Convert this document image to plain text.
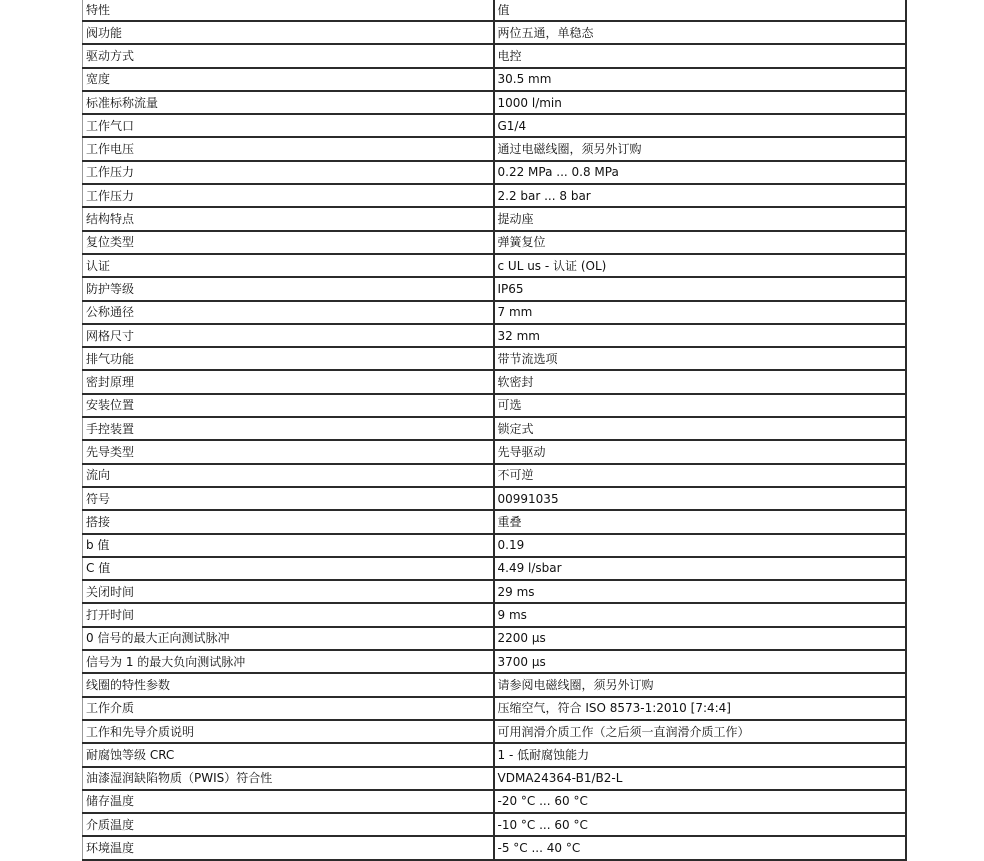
特性	值
阀功能	两位五通，单稳态
驱动方式	电控
宽度	30.5 mm
标准标称流量	1000 l/min
工作气口	G1/4
工作电压	通过电磁线圈，须另外订购
工作压力	0.22 MPa ... 0.8 MPa
工作压力	2.2 bar ... 8 bar
结构特点	提动座
复位类型	弹簧复位
认证	c UL us - 认证 (OL)
防护等级	IP65
公称通径	7 mm
网格尺寸	32 mm
排气功能	带节流选项
密封原理	软密封
安装位置	可选
手控装置	锁定式
先导类型	先导驱动
流向	不可逆
符号	00991035
搭接	重叠
b 值	0.19
C 值	4.49 l/sbar
关闭时间	29 ms
打开时间	9 ms
0 信号的最大正向测试脉冲	2200 µs
信号为 1 的最大负向测试脉冲	3700 µs
线圈的特性参数	请参阅电磁线圈，须另外订购
工作介质	压缩空气，符合 ISO 8573-1:2010 [7:4:4]
工作和先导介质说明	可用润滑介质工作（之后须一直润滑介质工作）
耐腐蚀等级 CRC	1 - 低耐腐蚀能力
油漆湿润缺陷物质（PWIS）符合性	VDMA24364-B1/B2-L
储存温度	-20 °C ... 60 °C
介质温度	-10 °C ... 60 °C
环境温度	-5 °C ... 40 °C
